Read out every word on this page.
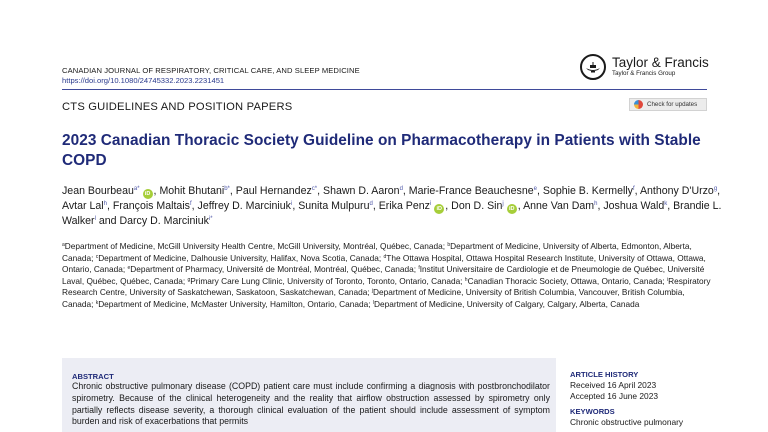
CANADIAN JOURNAL OF RESPIRATORY, CRITICAL CARE, AND SLEEP MEDICINE
https://doi.org/10.1080/24745332.2023.2231451
Taylor & Francis
Taylor & Francis Group
CTS GUIDELINES AND POSITION PAPERS	Check for updates
2023 Canadian Thoracic Society Guideline on Pharmacotherapy in Patients with Stable COPD
Jean Bourbeau$^{a*}$iD , Mohit Bhutani$^{b*}$, Paul Hernandez$^{c*}$, Shawn D. Aaron$^d$, Marie-France Beauchesne$^e$, Sophie B. Kermelly$^f$, Anthony D'Urzo$^g$, Avtar Lal$^h$, François Maltais$^f$, Jeffrey D. Marciniuk$^i$, Sunita Mulpuru$^d$, Erika Penz$^i$iD , Don D. Sin$^j$iD , Anne Van Dam$^h$, Joshua Wald$^k$, Brandie L. Walker$^l$ and Darcy D. Marciniuk$^{i*}$
$^a$Department of Medicine, McGill University Health Centre, McGill University, Montréal, Québec, Canada; $^b$Department of Medicine, University of Alberta, Edmonton, Alberta, Canada; $^c$Department of Medicine, Dalhousie University, Halifax, Nova Scotia, Canada; $^d$The Ottawa Hospital, Ottawa Hospital Research Institute, University of Ottawa, Ottawa, Ontario, Canada; $^e$Department of Pharmacy, Université de Montréal, Montréal, Québec, Canada; $^f$Institut Universitaire de Cardiologie et de Pneumologie de Québec, Université Laval, Québec, Québec, Canada; $^g$Primary Care Lung Clinic, University of Toronto, Toronto, Ontario, Canada; $^h$Canadian Thoracic Society, Ottawa, Ontario, Canada; $^i$Respiratory Research Centre, University of Saskatchewan, Saskatoon, Saskatchewan, Canada; $^j$Department of Medicine, University of British Columbia, Vancouver, British Columbia, Canada; $^k$Department of Medicine, McMaster University, Hamilton, Ontario, Canada; $^l$Department of Medicine, University of Calgary, Calgary, Alberta, Canada
ABSTRACT
Chronic obstructive pulmonary disease (COPD) patient care must include confirming a diagnosis with postbronchodilator spirometry. Because of the clinical heterogeneity and the reality that airflow obstruction assessed by spirometry only partially reflects disease severity, a thorough clinical evaluation of the patient should include assessment of symptom burden and risk of exacerbations that permits
ARTICLE HISTORY
Received 16 April 2023
Accepted 16 June 2023
KEYWORDS
Chronic obstructive pulmonary
